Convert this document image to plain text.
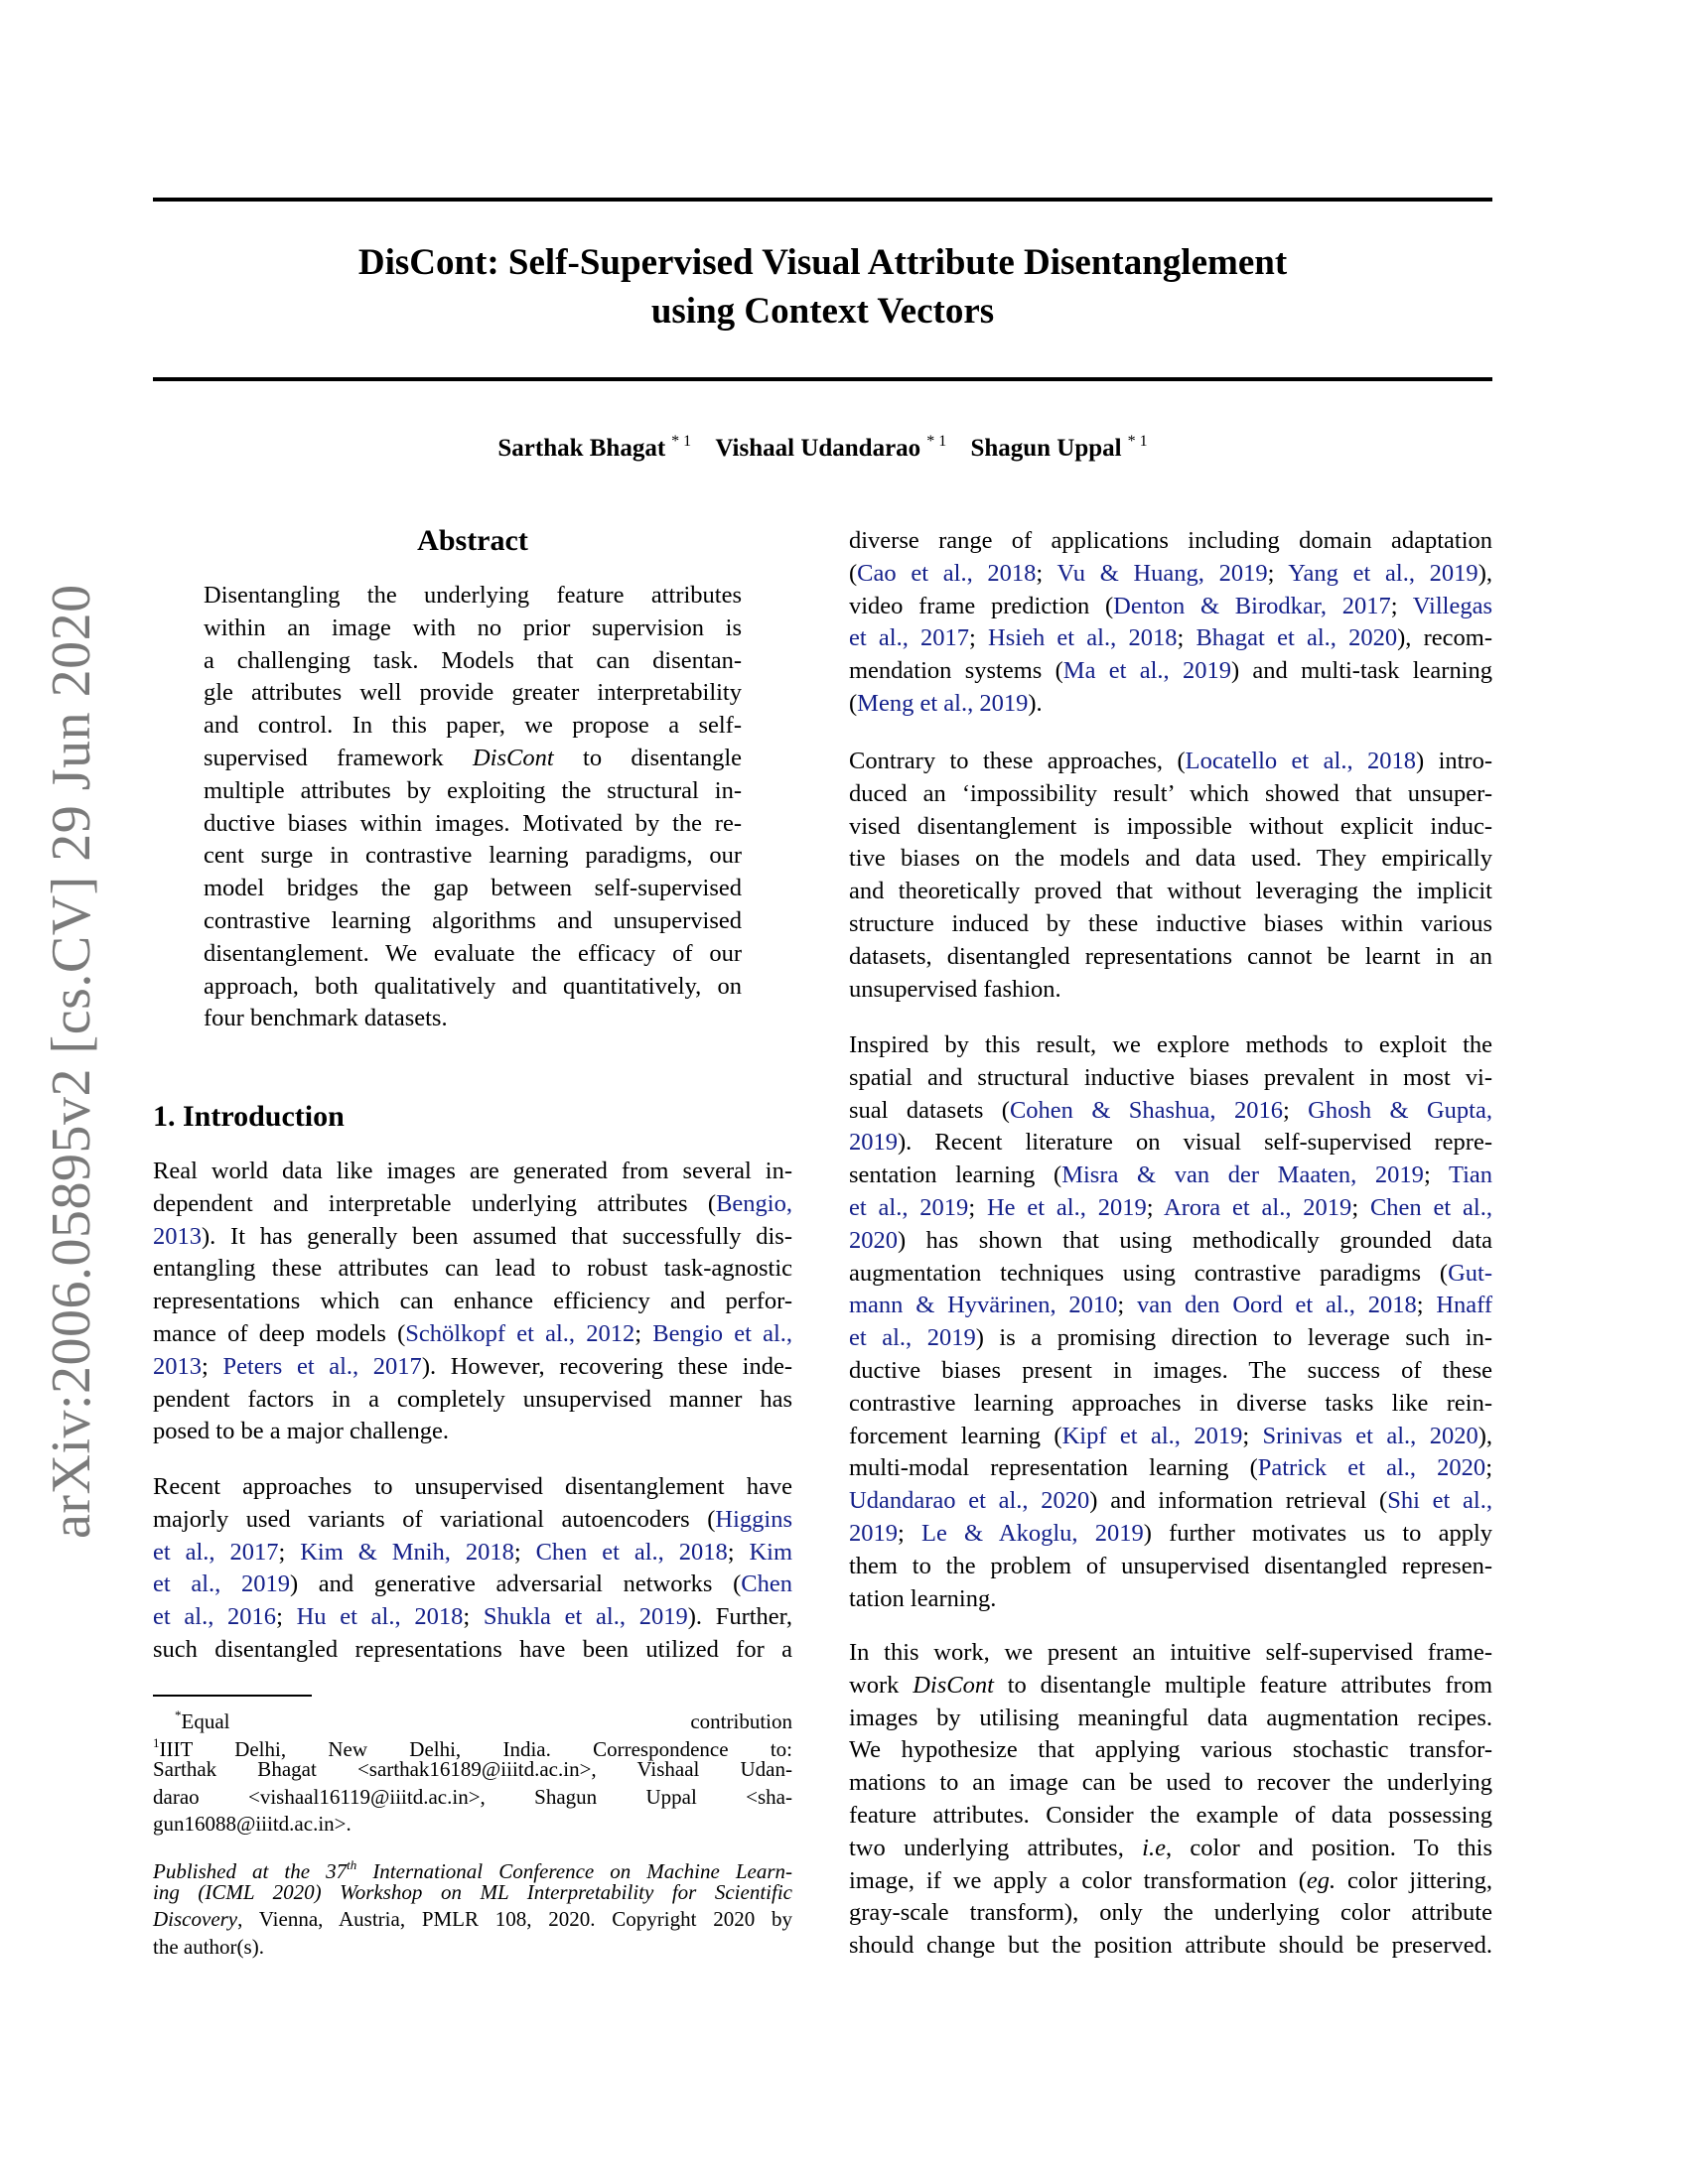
DisCont: Self-Supervised Visual Attribute Disentanglement
using Context Vectors
Sarthak Bhagat $^{* 1}$ Vishaal Udandarao $^{* 1}$ Shagun Uppal $^{* 1}$
arXiv:2006.05895v2 [cs.CV] 29 Jun 2020
Abstract
Disentangling the underlying feature attributes
within an image with no prior supervision is
a challenging task. Models that can disentan-
gle attributes well provide greater interpretability
and control. In this paper, we propose a self-
supervised framework DisCont to disentangle
multiple attributes by exploiting the structural in-
ductive biases within images. Motivated by the re-
cent surge in contrastive learning paradigms, our
model bridges the gap between self-supervised
contrastive learning algorithms and unsupervised
disentanglement. We evaluate the efficacy of our
approach, both qualitatively and quantitatively, on
four benchmark datasets.
1. Introduction
Real world data like images are generated from several in-
dependent and interpretable underlying attributes (Bengio,
2013). It has generally been assumed that successfully dis-
entangling these attributes can lead to robust task-agnostic
representations which can enhance efficiency and perfor-
mance of deep models (Schölkopf et al., 2012; Bengio et al.,
2013; Peters et al., 2017). However, recovering these inde-
pendent factors in a completely unsupervised manner has
posed to be a major challenge.
Recent approaches to unsupervised disentanglement have
majorly used variants of variational autoencoders (Higgins
et al., 2017; Kim & Mnih, 2018; Chen et al., 2018; Kim
et al., 2019) and generative adversarial networks (Chen
et al., 2016; Hu et al., 2018; Shukla et al., 2019). Further,
such disentangled representations have been utilized for a
*Equal contribution
$^1$IIIT Delhi, New Delhi, India. Correspondence to:
Sarthak Bhagat <sarthak16189@iiitd.ac.in>, Vishaal Udan-
darao <vishaal16119@iiitd.ac.in>, Shagun Uppal <sha-
gun16088@iiitd.ac.in>.
Published at the 37th International Conference on Machine Learn-
ing (ICML 2020) Workshop on ML Interpretability for Scientific
Discovery, Vienna, Austria, PMLR 108, 2020. Copyright 2020 by
the author(s).
diverse range of applications including domain adaptation
(Cao et al., 2018; Vu & Huang, 2019; Yang et al., 2019),
video frame prediction (Denton & Birodkar, 2017; Villegas
et al., 2017; Hsieh et al., 2018; Bhagat et al., 2020), recom-
mendation systems (Ma et al., 2019) and multi-task learning
(Meng et al., 2019).
Contrary to these approaches, (Locatello et al., 2018) intro-
duced an ‘impossibility result’ which showed that unsuper-
vised disentanglement is impossible without explicit induc-
tive biases on the models and data used. They empirically
and theoretically proved that without leveraging the implicit
structure induced by these inductive biases within various
datasets, disentangled representations cannot be learnt in an
unsupervised fashion.
Inspired by this result, we explore methods to exploit the
spatial and structural inductive biases prevalent in most vi-
sual datasets (Cohen & Shashua, 2016; Ghosh & Gupta,
2019). Recent literature on visual self-supervised repre-
sentation learning (Misra & van der Maaten, 2019; Tian
et al., 2019; He et al., 2019; Arora et al., 2019; Chen et al.,
2020) has shown that using methodically grounded data
augmentation techniques using contrastive paradigms (Gut-
mann & Hyvärinen, 2010; van den Oord et al., 2018; Hnaff
et al., 2019) is a promising direction to leverage such in-
ductive biases present in images. The success of these
contrastive learning approaches in diverse tasks like rein-
forcement learning (Kipf et al., 2019; Srinivas et al., 2020),
multi-modal representation learning (Patrick et al., 2020;
Udandarao et al., 2020) and information retrieval (Shi et al.,
2019; Le & Akoglu, 2019) further motivates us to apply
them to the problem of unsupervised disentangled represen-
tation learning.
In this work, we present an intuitive self-supervised frame-
work DisCont to disentangle multiple feature attributes from
images by utilising meaningful data augmentation recipes.
We hypothesize that applying various stochastic transfor-
mations to an image can be used to recover the underlying
feature attributes. Consider the example of data possessing
two underlying attributes, i.e, color and position. To this
image, if we apply a color transformation (eg. color jittering,
gray-scale transform), only the underlying color attribute
should change but the position attribute should be preserved.
